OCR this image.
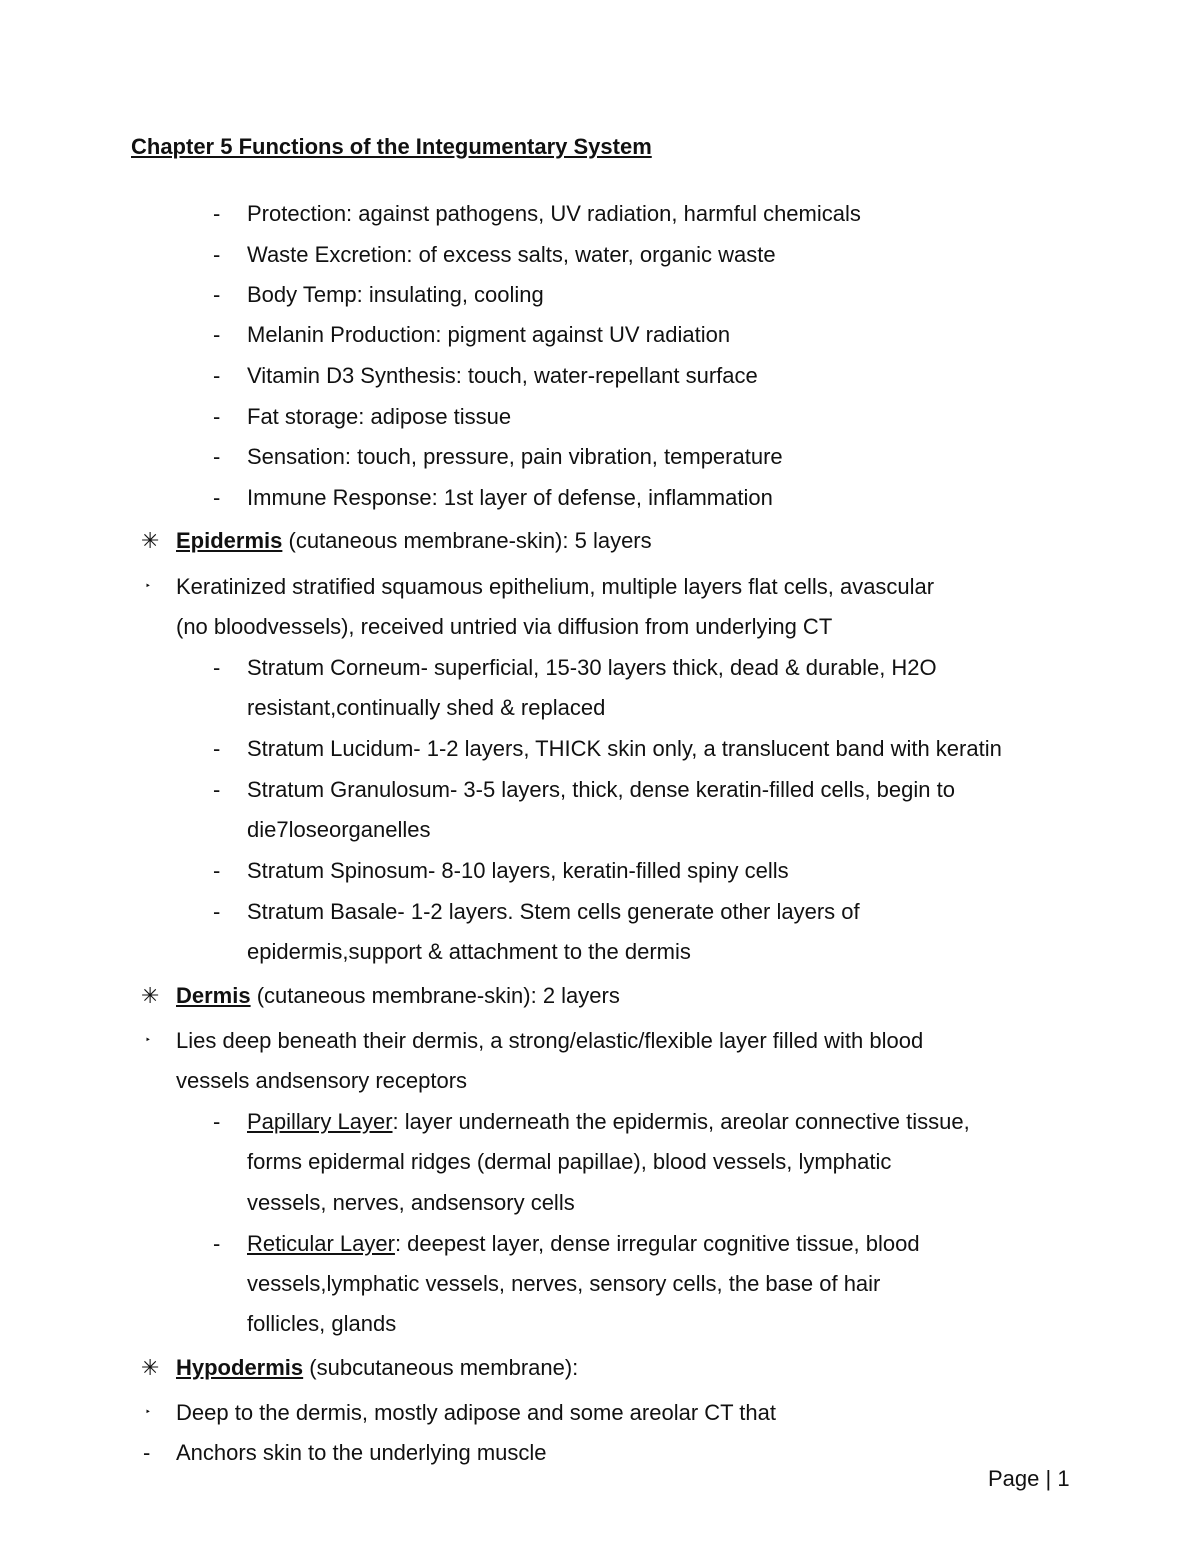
Chapter 5 Functions of the Integumentary System
- Protection: against pathogens, UV radiation, harmful chemicals
- Waste Excretion: of excess salts, water, organic waste
- Body Temp: insulating, cooling
- Melanin Production: pigment against UV radiation
- Vitamin D3 Synthesis: touch, water-repellant surface
- Fat storage: adipose tissue
- Sensation: touch, pressure, pain vibration, temperature
- Immune Response: 1st layer of defense, inflammation
✳ Epidermis (cutaneous membrane-skin): 5 layers
‣ Keratinized stratified squamous epithelium, multiple layers flat cells, avascular
(no bloodvessels), received untried via diffusion from underlying CT
- Stratum Corneum- superficial, 15-30 layers thick, dead & durable, H2O
resistant,continually shed & replaced
- Stratum Lucidum- 1-2 layers, THICK skin only, a translucent band with keratin
- Stratum Granulosum- 3-5 layers, thick, dense keratin-filled cells, begin to
die7loseorganelles
- Stratum Spinosum- 8-10 layers, keratin-filled spiny cells
- Stratum Basale- 1-2 layers. Stem cells generate other layers of
epidermis,support & attachment to the dermis
✳ Dermis (cutaneous membrane-skin): 2 layers
‣ Lies deep beneath their dermis, a strong/elastic/flexible layer filled with blood
vessels andsensory receptors
- Papillary Layer: layer underneath the epidermis, areolar connective tissue,
forms epidermal ridges (dermal papillae), blood vessels, lymphatic
vessels, nerves, andsensory cells
- Reticular Layer: deepest layer, dense irregular cognitive tissue, blood
vessels,lymphatic vessels, nerves, sensory cells, the base of hair
follicles, glands
✳ Hypodermis (subcutaneous membrane):
‣ Deep to the dermis, mostly adipose and some areolar CT that
- Anchors skin to the underlying muscle
Page | 1
